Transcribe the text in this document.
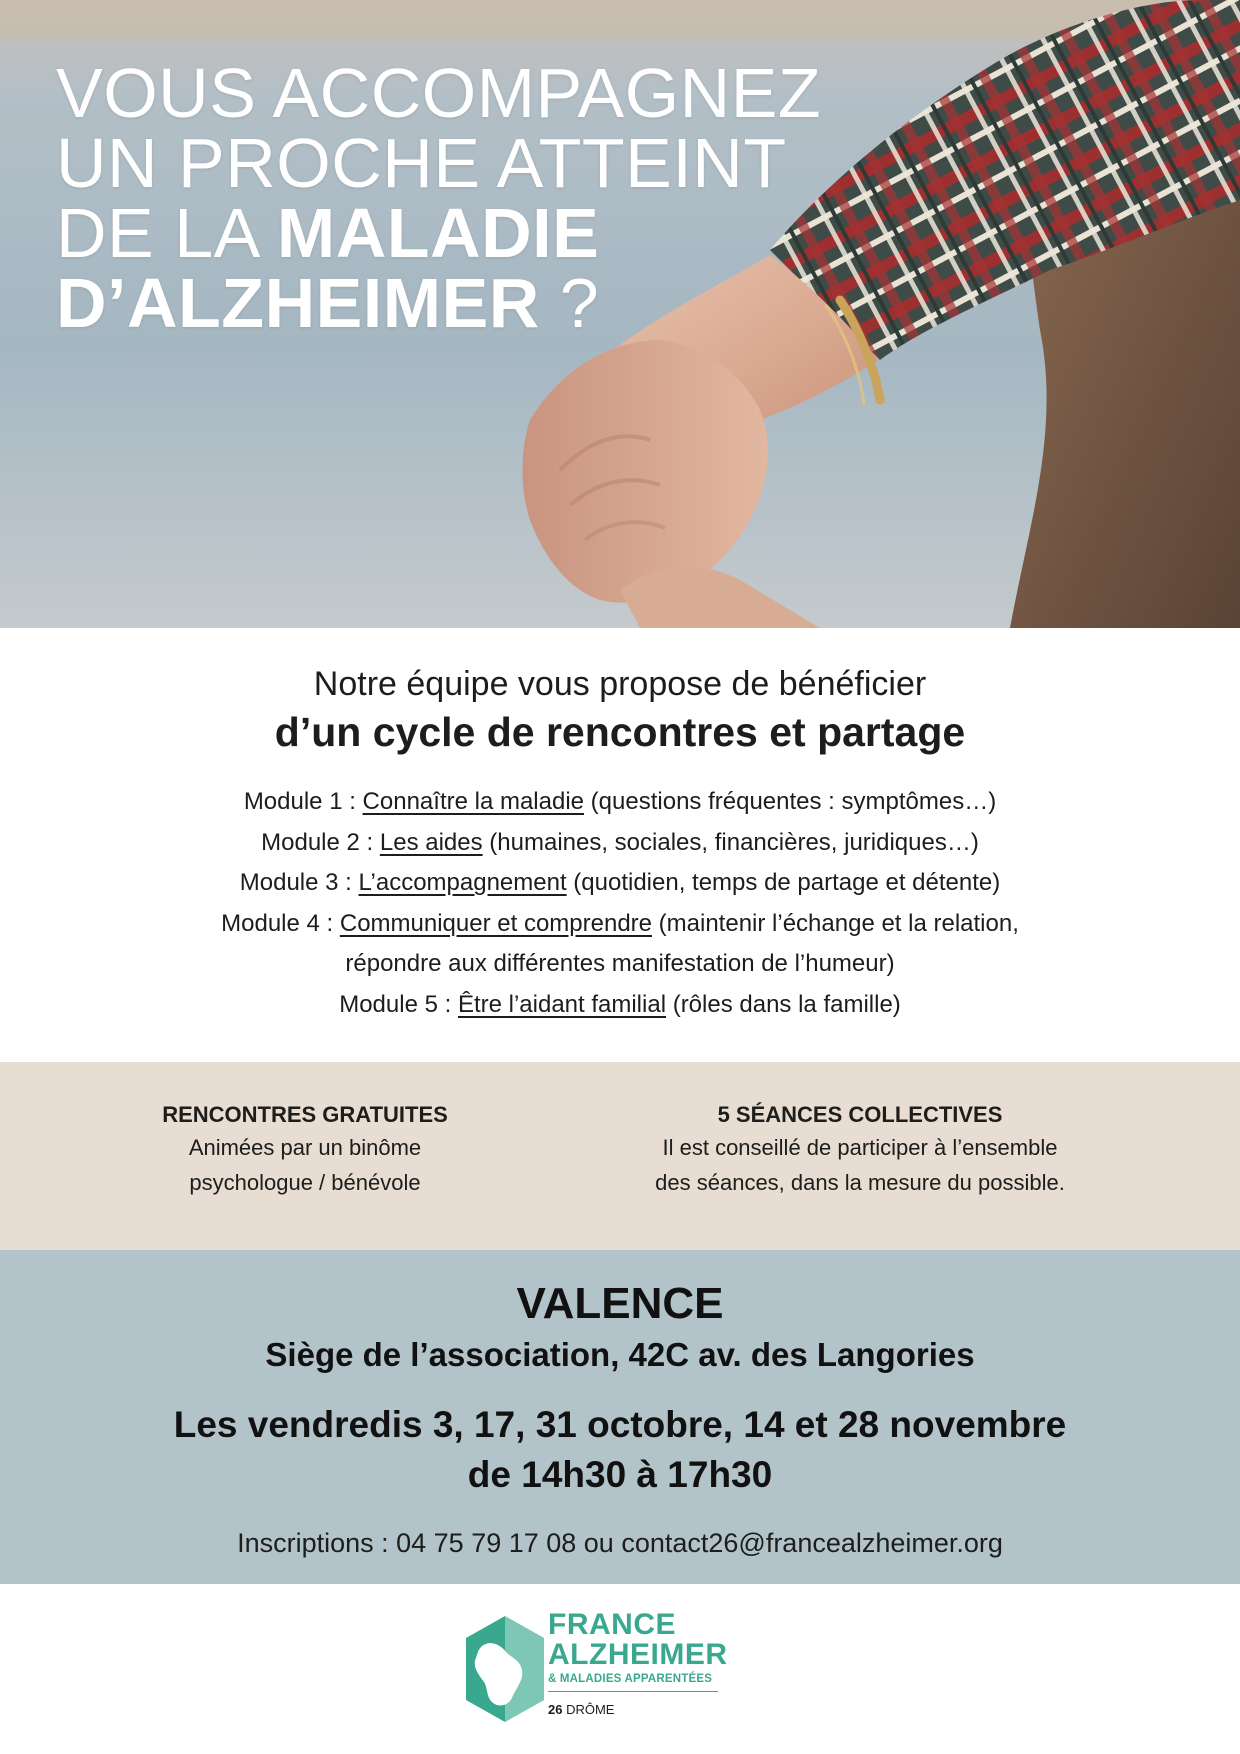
VOUS ACCOMPAGNEZ
UN PROCHE ATTEINT
DE LA MALADIE
D’ALZHEIMER ?
Notre équipe vous propose de bénéficier
d’un cycle de rencontres et partage
Module 1 : Connaître la maladie (questions fréquentes : symptômes…)
Module 2 : Les aides (humaines, sociales, financières, juridiques…)
Module 3 : L’accompagnement (quotidien, temps de partage et détente)
Module 4 : Communiquer et comprendre (maintenir l’échange et la relation,
répondre aux différentes manifestation de l’humeur)
Module 5 : Être l’aidant familial (rôles dans la famille)
RENCONTRES GRATUITES
Animées par un binôme
psychologue / bénévole
5 SÉANCES COLLECTIVES
Il est conseillé de participer à l’ensemble
des séances, dans la mesure du possible.
VALENCE
Siège de l’association, 42C av. des Langories
Les vendredis 3, 17, 31 octobre, 14 et 28 novembre
de 14h30 à 17h30
Inscriptions : 04 75 79 17 08 ou contact26@francealzheimer.org
FRANCE
ALZHEIMER
& MALADIES APPARENTÉES
26 DRÔME
